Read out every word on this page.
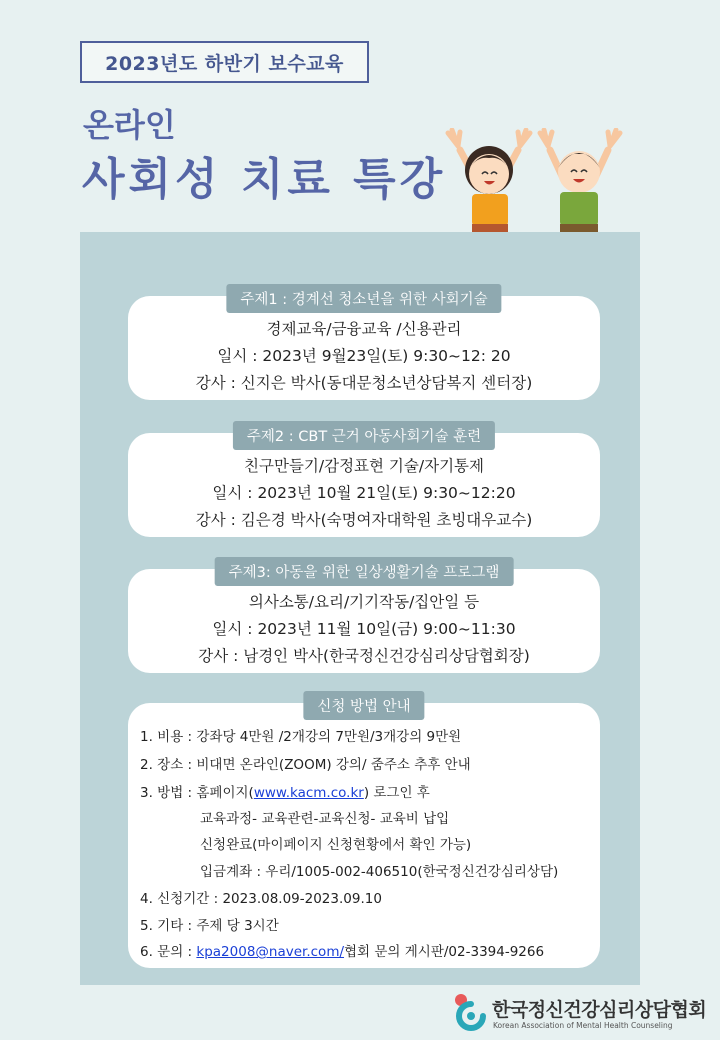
2023년도 하반기 보수교육
온라인
사회성 치료 특강
주제1 : 경계선 청소년을 위한 사회기술
경제교육/금융교육 /신용관리
일시 : 2023년 9월23일(토) 9:30~12: 20
강사 : 신지은 박사(동대문청소년상담복지 센터장)
주제2 : CBT 근거 아동사회기술 훈련
친구만들기/감정표현 기술/자기통제
일시 : 2023년 10월 21일(토) 9:30~12:20
강사 : 김은경 박사(숙명여자대학원 초빙대우교수)
주제3: 아동을 위한 일상생활기술 프로그램
의사소통/요리/기기작동/집안일 등
일시 : 2023년 11월 10일(금) 9:00~11:30
강사 : 남경인 박사(한국정신건강심리상담협회장)
신청 방법 안내
1. 비용 : 강좌당 4만원 /2개강의 7만원/3개강의 9만원
2. 장소 : 비대면 온라인(ZOOM) 강의/ 줌주소 추후 안내
3. 방법 : 홈페이지(www.kacm.co.kr) 로그인 후
교육과정- 교육관련-교육신청- 교육비 납입
신청완료(마이페이지 신청현황에서 확인 가능)
입금계좌 : 우리/1005-002-406510(한국정신건강심리상담)
4. 신청기간 : 2023.08.09-2023.09.10
5. 기타 : 주제 당 3시간
6. 문의 : kpa2008@naver.com/협회 문의 게시판/02-3394-9266
한국정신건강심리상담협회
Korean Association of Mental Health Counseling
